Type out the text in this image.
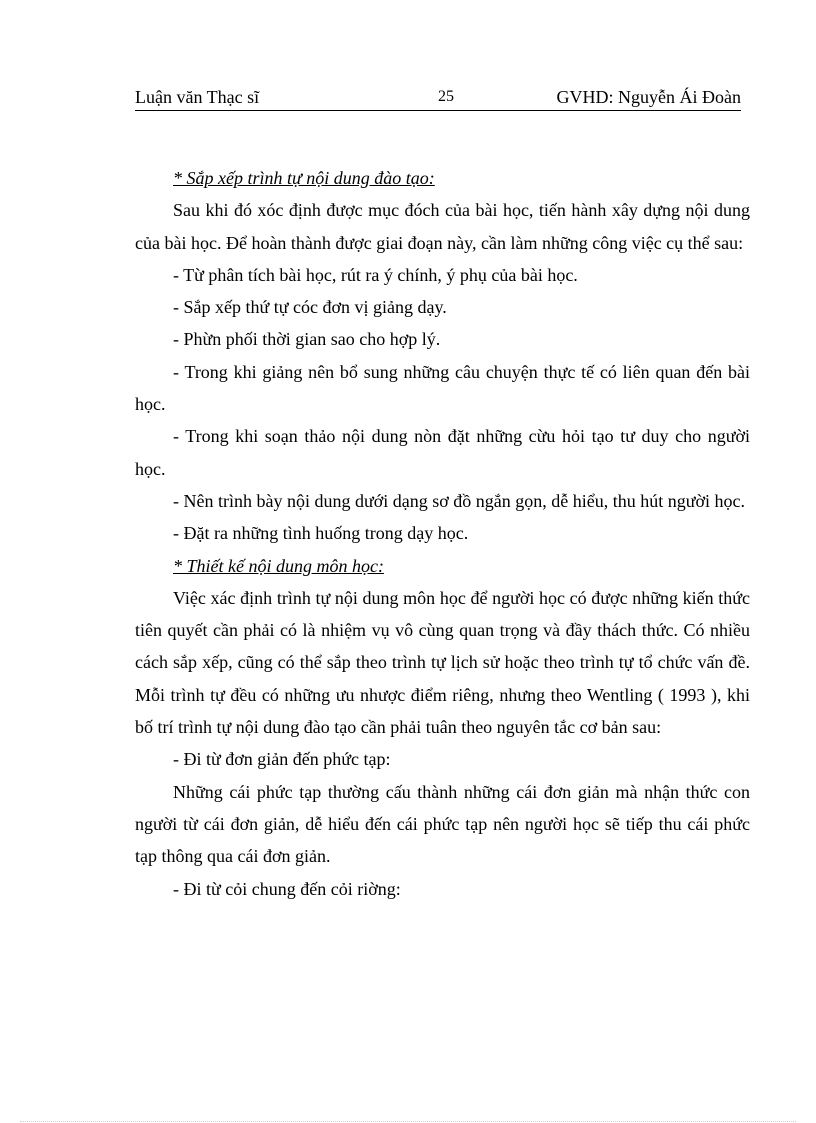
Luận văn Thạc sĩ	25	GVHD: Nguyễn Ái Đoàn

* Sắp xếp trình tự nội dung đào tạo:

Sau khi đó xóc định được mục đóch của bài học, tiến hành xây dựng nội dung của bài học. Để hoàn thành được giai đoạn này, cần làm những công việc cụ thể sau:

- Từ phân tích bài học, rút ra ý chính, ý phụ của bài học.

- Sắp xếp thứ tự cóc đơn vị giảng dạy.

- Phừn phối thời gian sao cho hợp lý.

- Trong khi giảng nên bổ sung những câu chuyện thực tế có liên quan đến bài học.

- Trong khi soạn thảo nội dung nòn đặt những cừu hỏi tạo tư duy cho người học.

- Nên trình bày nội dung dưới dạng sơ đồ ngắn gọn, dễ hiểu, thu hút người học.

- Đặt ra những tình huống trong dạy học.

* Thiết kế nội dung môn học:

Việc xác định trình tự nội dung môn học để người học có được những kiến thức tiên quyết cần phải có là nhiệm vụ vô cùng quan trọng và đầy thách thức. Có nhiều cách sắp xếp, cũng có thể sắp theo trình tự lịch sử hoặc theo trình tự tổ chức vấn đề. Mỗi trình tự đều có những ưu nhược điểm riêng, nhưng theo Wentling ( 1993 ), khi bố trí trình tự nội dung đào tạo cần phải tuân theo nguyên tắc cơ bản sau:

- Đi từ đơn giản đến phức tạp:

Những cái phức tạp thường cấu thành những cái đơn giản mà nhận thức con người từ cái đơn giản, dễ hiểu đến cái phức tạp nên người học sẽ tiếp thu cái phức tạp thông qua cái đơn giản.

- Đi từ cỏi chung đến cỏi riờng:
